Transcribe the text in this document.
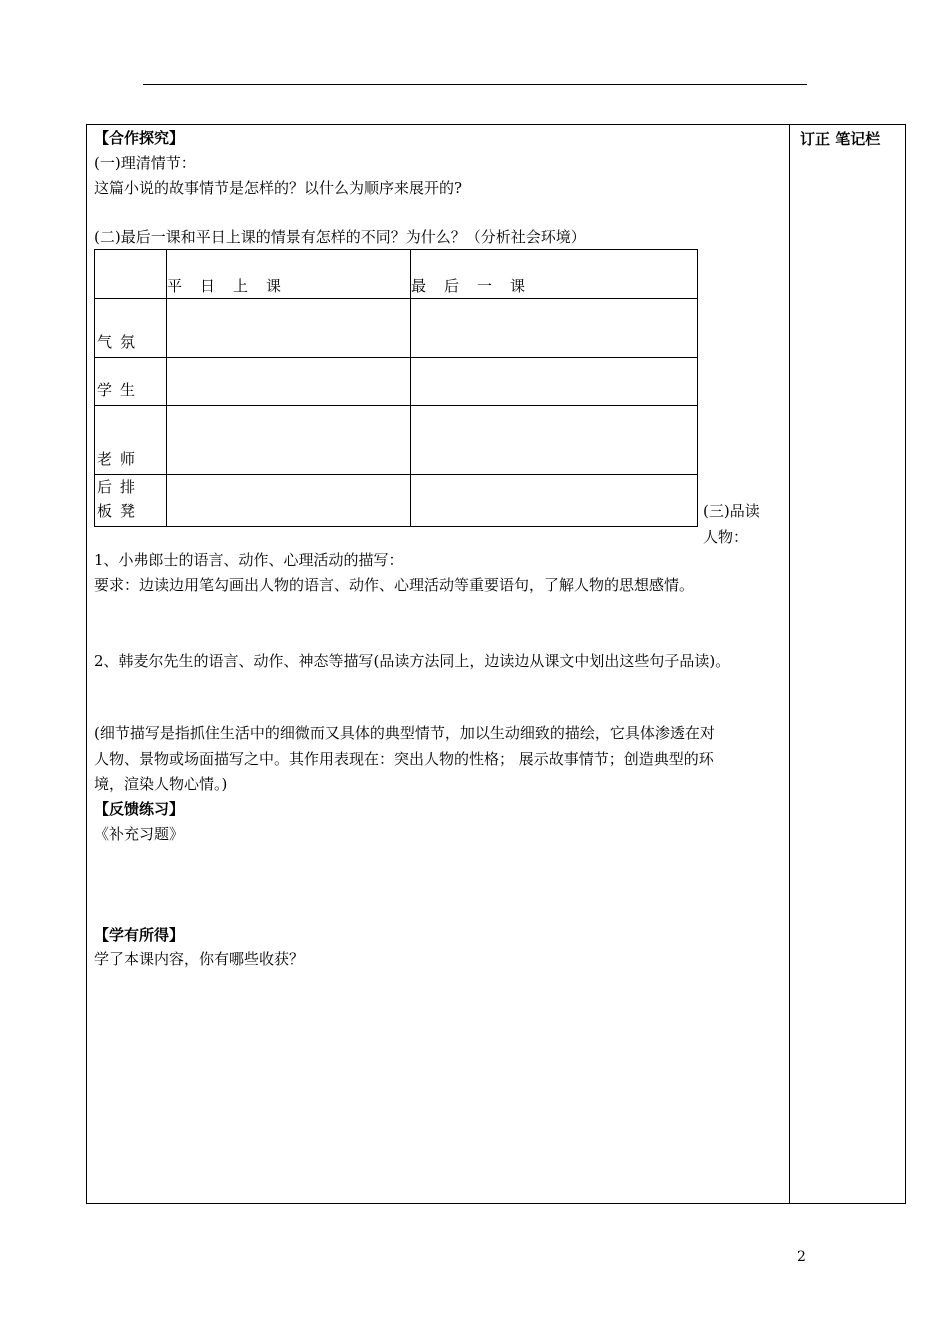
订正 笔记栏
【合作探究】
(一)理清情节：
这篇小说的故事情节是怎样的？以什么为顺序来展开的?
(二)最后一课和平日上课的情景有怎样的不同？为什么？（分析社会环境）
	平日上课	最后一课
气氛		
学生		
老师		

后排
板凳		
			(三)品读
人物：
1、小弗郎士的语言、动作、心理活动的描写：
要求：边读边用笔勾画出人物的语言、动作、心理活动等重要语句，了解人物的思想感情。
2、韩麦尔先生的语言、动作、神态等描写(品读方法同上，边读边从课文中划出这些句子品读)。
(细节描写是指抓住生活中的细微而又具体的典型情节，加以生动细致的描绘，它具体渗透在对
人物、景物或场面描写之中。其作用表现在：突出人物的性格； 展示故事情节；创造典型的环
境，渲染人物心情。)
【反馈练习】
《补充习题》
【学有所得】
学了本课内容，你有哪些收获？
2
